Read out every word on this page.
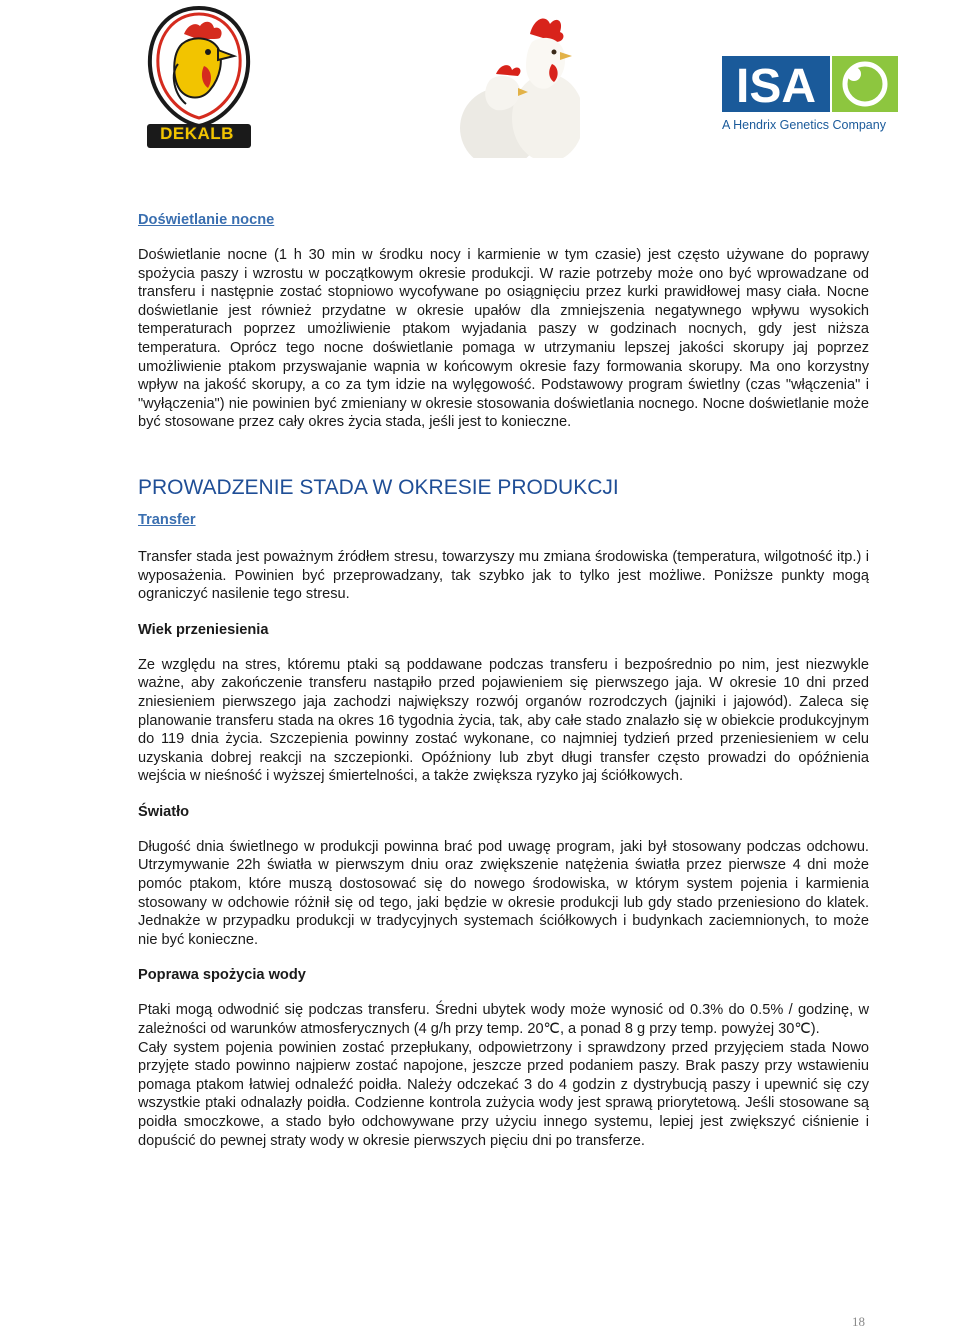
DEKALB
ISA
A Hendrix Genetics Company
Doświetlanie nocne

Doświetlanie nocne (1 h 30 min w środku nocy i karmienie w tym czasie) jest często używane do poprawy spożycia paszy i wzrostu w początkowym okresie produkcji. W razie potrzeby może ono być wprowadzane od transferu i następnie zostać stopniowo wycofywane po osiągnięciu przez kurki prawidłowej masy ciała. Nocne doświetlanie jest również przydatne w okresie upałów dla zmniejszenia negatywnego wpływu wysokich temperaturach poprzez umożliwienie ptakom wyjadania paszy w godzinach nocnych, gdy jest niższa temperatura. Oprócz tego nocne doświetlanie pomaga w utrzymaniu lepszej jakości skorupy jaj poprzez umożliwienie ptakom przyswajanie wapnia w końcowym okresie fazy formowania skorupy. Ma ono korzystny wpływ na jakość skorupy, a co za tym idzie na wylęgowość. Podstawowy program świetlny (czas "włączenia" i "wyłączenia") nie powinien być zmieniany w okresie stosowania doświetlania nocnego. Nocne doświetlanie może być stosowane przez cały okres życia stada, jeśli jest to konieczne.

PROWADZENIE STADA W OKRESIE PRODUKCJI
Transfer

Transfer stada jest poważnym źródłem stresu, towarzyszy mu zmiana środowiska (temperatura, wilgotność itp.) i wyposażenia. Powinien być przeprowadzany, tak szybko jak to tylko jest możliwe. Poniższe punkty mogą ograniczyć nasilenie tego stresu.

Wiek przeniesienia

Ze względu na stres, któremu ptaki są poddawane podczas transferu i bezpośrednio po nim, jest niezwykle ważne, aby zakończenie transferu nastąpiło przed pojawieniem się pierwszego jaja. W okresie 10 dni przed zniesieniem pierwszego jaja zachodzi największy rozwój organów rozrodczych (jajniki i jajowód). Zaleca się planowanie transferu stada na okres 16 tygodnia życia, tak, aby całe stado znalazło się w obiekcie produkcyjnym do 119 dnia życia. Szczepienia powinny zostać wykonane, co najmniej tydzień przed przeniesieniem w celu uzyskania dobrej reakcji na szczepionki. Opóźniony lub zbyt długi transfer często prowadzi do opóźnienia wejścia w nieśność i wyższej śmiertelności, a także zwiększa ryzyko jaj ściółkowych.

Światło

Długość dnia świetlnego w produkcji powinna brać pod uwagę program, jaki był stosowany podczas odchowu. Utrzymywanie 22h światła w pierwszym dniu oraz zwiększenie natężenia światła przez pierwsze 4 dni może pomóc ptakom, które muszą dostosować się do nowego środowiska, w którym system pojenia i karmienia stosowany w odchowie różnił się od tego, jaki będzie w okresie produkcji lub gdy stado przeniesiono do klatek. Jednakże w przypadku produkcji w tradycyjnych systemach ściółkowych i budynkach zaciemnionych, to może nie być konieczne.

Poprawa spożycia wody

Ptaki mogą odwodnić się podczas transferu. Średni ubytek wody może wynosić od 0.3% do 0.5% / godzinę, w zależności od warunków atmosferycznych (4 g/h przy temp. 20℃, a ponad 8 g przy temp. powyżej 30℃).

Cały system pojenia powinien zostać przepłukany, odpowietrzony i sprawdzony przed przyjęciem stada Nowo przyjęte stado powinno najpierw zostać napojone, jeszcze przed podaniem paszy. Brak paszy przy wstawieniu pomaga ptakom łatwiej odnaleźć poidła. Należy odczekać 3 do 4 godzin z dystrybucją paszy i upewnić się czy wszystkie ptaki odnalazły poidła. Codzienne kontrola zużycia wody jest sprawą priorytetową. Jeśli stosowane są poidła smoczkowe, a stado było odchowywane przy użyciu innego systemu, lepiej jest zwiększyć ciśnienie i dopuścić do pewnej straty wody w okresie pierwszych pięciu dni po transferze.

18
